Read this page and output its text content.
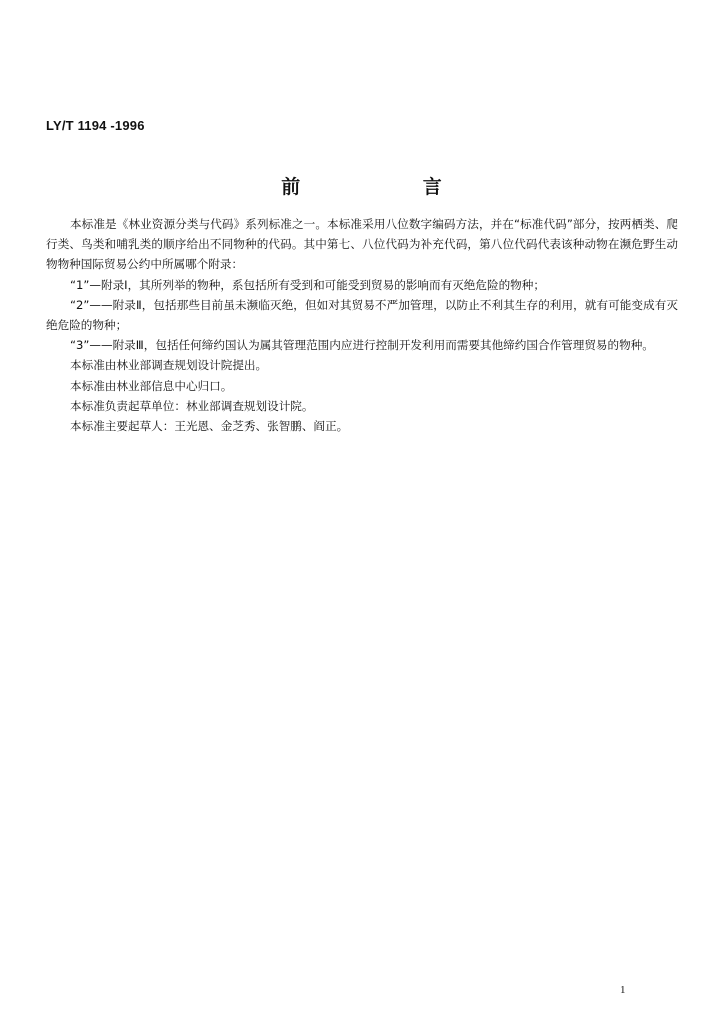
LY/T 1194 -1996
前 言

本标准是《林业资源分类与代码》系列标准之一。本标准采用八位数字编码方法，并在“标准代码”部分，按两栖类、爬行类、鸟类和哺乳类的顺序给出不同物种的代码。其中第七、八位代码为补充代码，第八位代码代表该种动物在濒危野生动物物种国际贸易公约中所属哪个附录：

“1”—附录Ⅰ，其所列举的物种，系包括所有受到和可能受到贸易的影响而有灭绝危险的物种；

“2”——附录Ⅱ，包括那些目前虽未濒临灭绝，但如对其贸易不严加管理，以防止不利其生存的利用，就有可能变成有灭绝危险的物种；

“3”——附录Ⅲ，包括任何缔约国认为属其管理范围内应进行控制开发利用而需要其他缔约国合作管理贸易的物种。

本标准由林业部调查规划设计院提出。

本标准由林业部信息中心归口。

本标准负责起草单位：林业部调查规划设计院。

本标准主要起草人：王光恩、金芝秀、张智鹏、阎正。

1
